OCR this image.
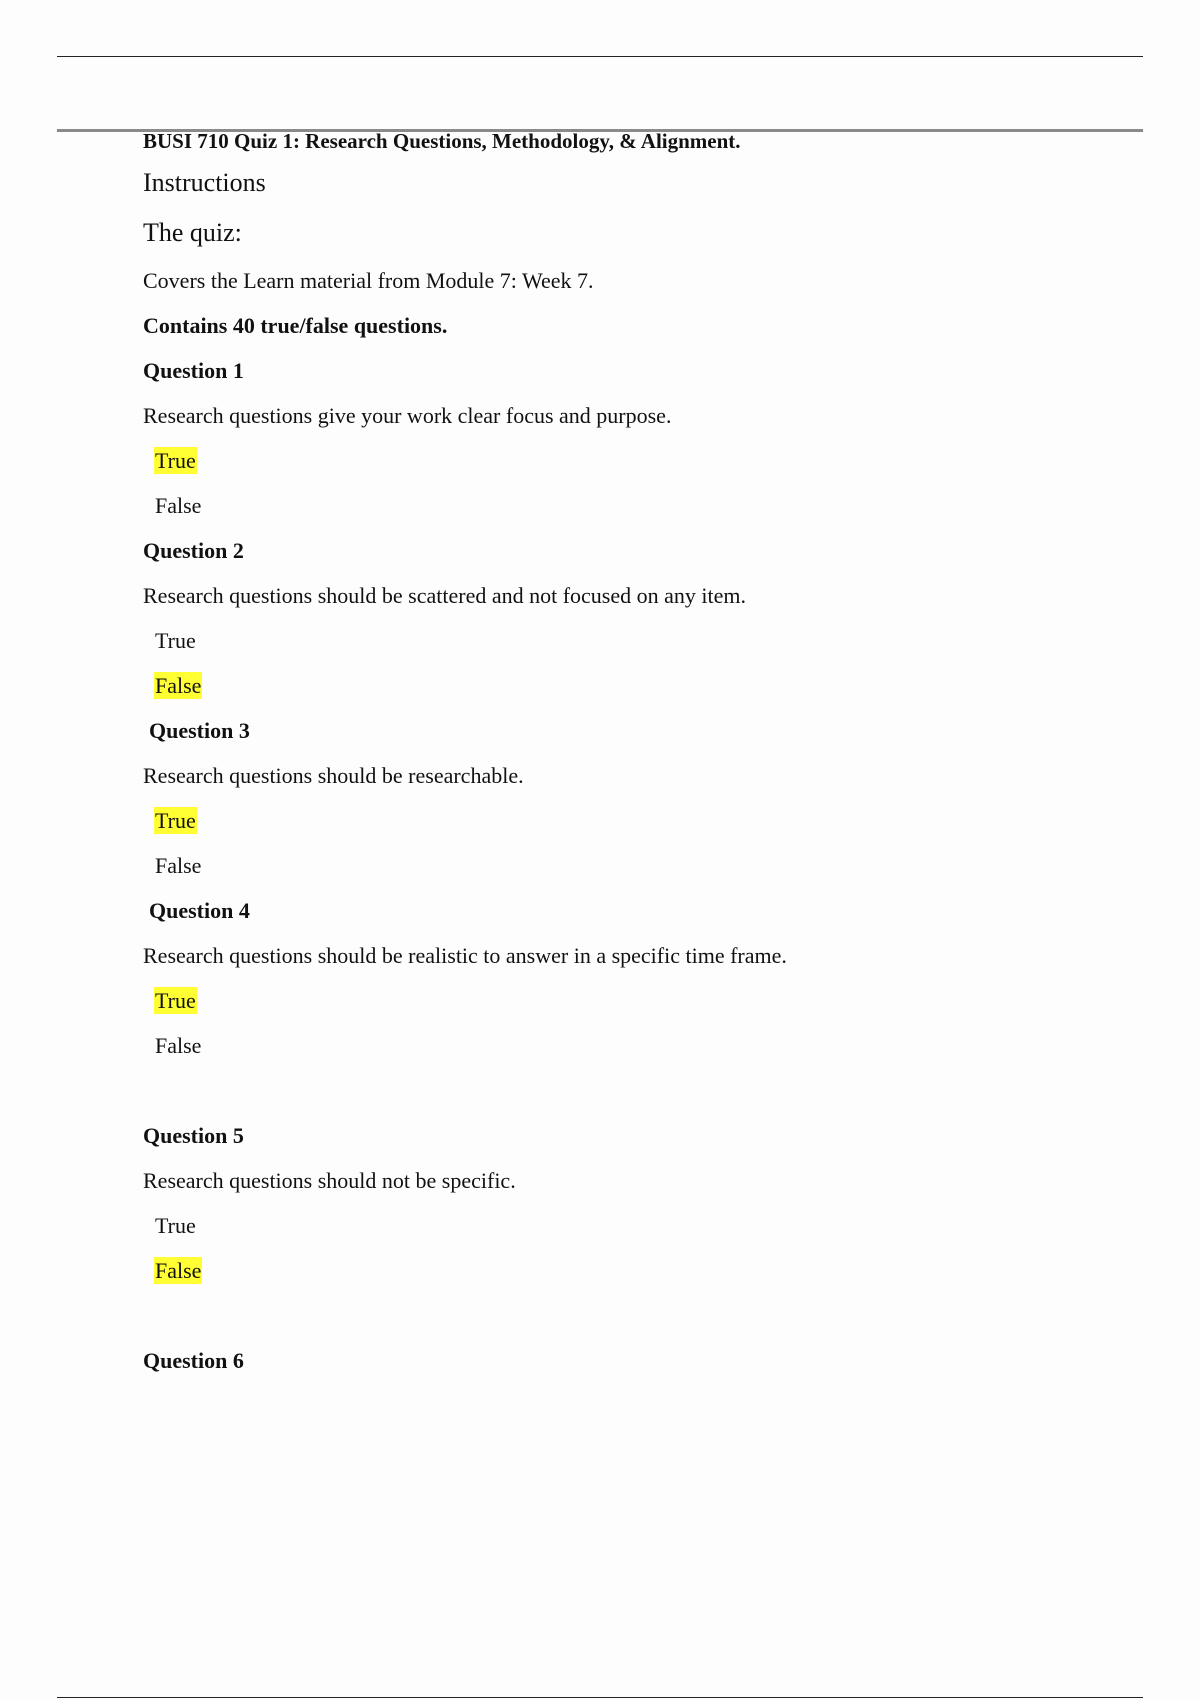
BUSI 710 Quiz 1: Research Questions, Methodology, & Alignment.

Instructions

The quiz:

Covers the Learn material from Module 7: Week 7.

Contains 40 true/false questions.

Question 1

Research questions give your work clear focus and purpose.

True

False

Question 2

Research questions should be scattered and not focused on any item.

True

False

Question 3

Research questions should be researchable.

True

False

Question 4

Research questions should be realistic to answer in a specific time frame.

True

False

Question 5

Research questions should not be specific.

True

False

Question 6
